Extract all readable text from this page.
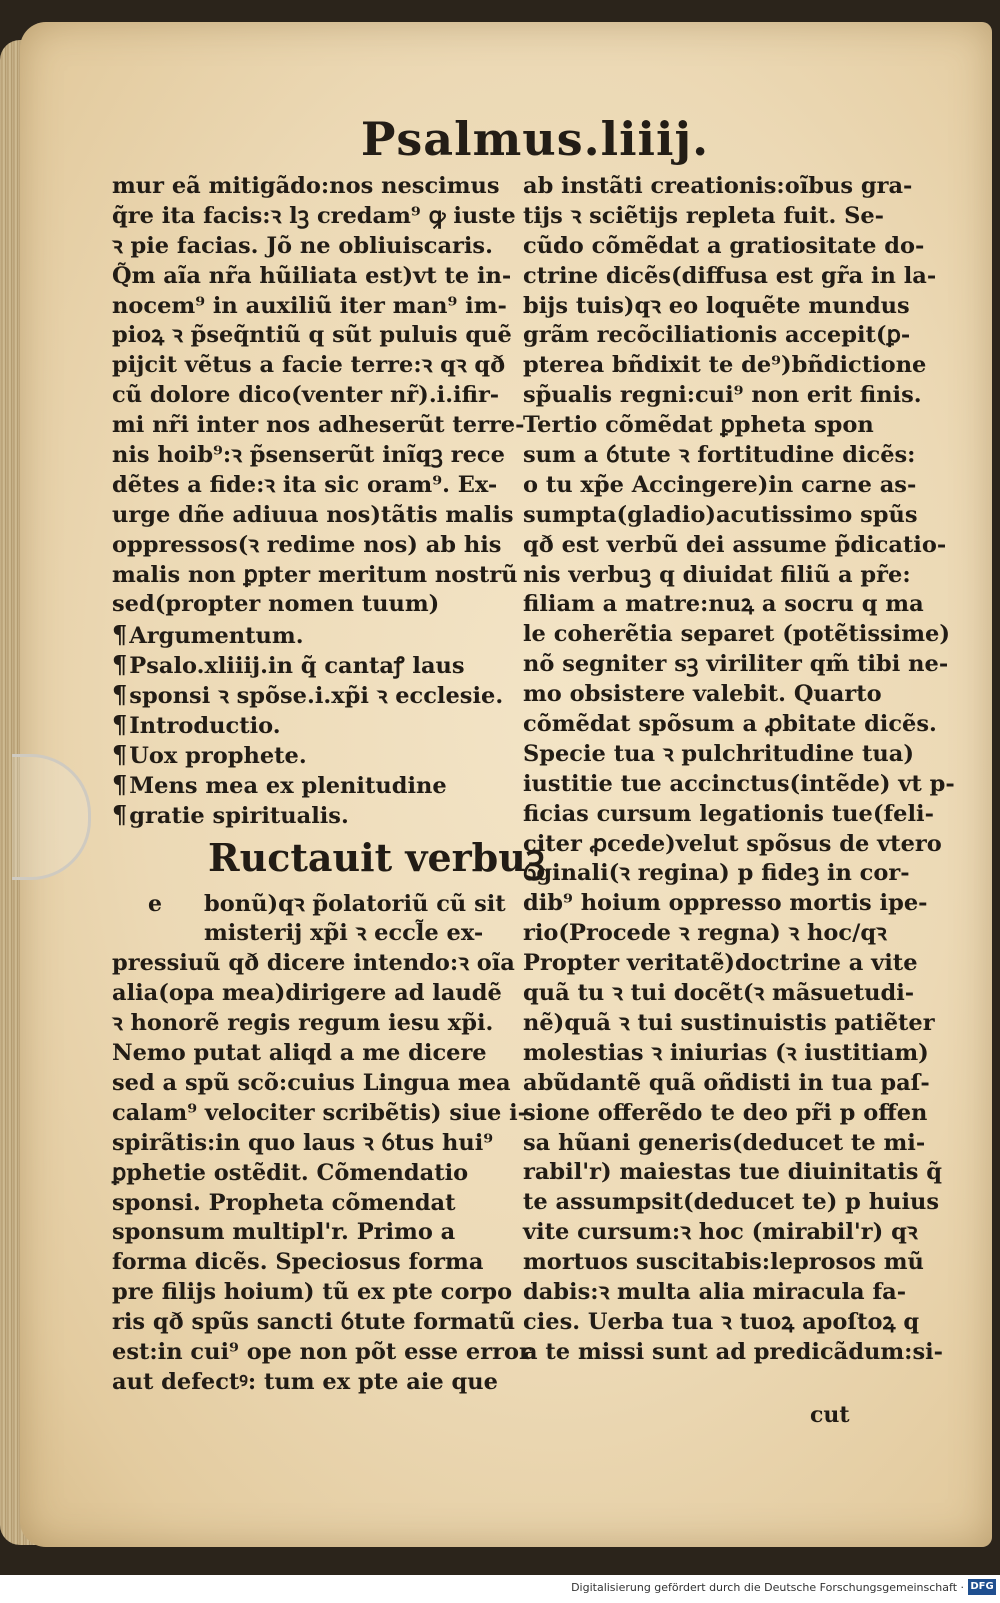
Psalmus.liiij.
mur eã mitigãdo:nos nescimus
q̃re ita facis:ꝛ lꝫ credam⁹ ꝙ iuste
ꝛ pie facias. Jõ ne obliuiscaris.
Q̃m aĩa nr̃a hũiliata est)vt te in-
nocem⁹ in auxiliũ iter man⁹ im-
pioꝝ ꝛ p̃seq̃ntiũ q sũt puluis quẽ
pijcit vẽtus a facie terre:ꝛ qꝛ qð
cũ dolore dico(venter nr̃).i.ifir-
mi nr̃i inter nos adheserũt terre-
nis hoib⁹:ꝛ p̃senserũt inĩqꝫ rece
dẽtes a fide:ꝛ ita sic oram⁹. Ex-
urge dñe adiuua nos)tãtis malis
oppressos(ꝛ redime nos) ab his
malis non ꝑpter meritum nostrũ
sed(propter nomen tuum)
¶Argumentum.
¶Psalo.xliiij.in q̃ cantaꝭ laus
¶sponsi ꝛ spõse.i.xp̃i ꝛ ecclesie.
¶Introductio.
¶Uox prophete.
¶Mens mea ex plenitudine
¶gratie spiritualis.
Ructauit verbuꝫ
e	bonũ)qꝛ p̃olatoriũ cũ sit
misterij xp̃i ꝛ eccl̃e ex-
pressiuũ qð dicere intendo:ꝛ oĩa
alia(opa mea)dirigere ad laudẽ
ꝛ honorẽ regis regum iesu xp̃i.
Nemo putat aliqd a me dicere
sed a spũ scõ:cuius Lingua mea
calam⁹ velociter scribẽtis) siue i-
spirãtis:in quo laus ꝛ ỽtus hui⁹
ꝑphetie ostẽdit. Cõmendatio
sponsi. Propheta cõmendat
sponsum multipl'r. Primo a
forma dicẽs. Speciosus forma
pre filijs hoium) tũ ex pte corpo
ris qð spũs sancti ỽtute formatũ
est:in cui⁹ ope non põt esse error
aut defectꝰ: tum ex pte aie que
ab instãti creationis:oĩbus gra-
tijs ꝛ sciẽtijs repleta fuit. Se-
cũdo cõmẽdat a gratiositate do-
ctrine dicẽs(diffusa est gr̃a in la-
bijs tuis)qꝛ eo loquẽte mundus
grãm recõciliationis accepit(ꝑ-
pterea bñdixit te de⁹)bñdictione
sp̃ualis regni:cui⁹ non erit finis.
Tertio cõmẽdat ꝑpheta spon
sum a ỽtute ꝛ fortitudine dicẽs:
o tu xp̃e Accingere)in carne as-
sumpta(gladio)acutissimo spũs
qð est verbũ dei assume p̃dicatio-
nis verbuꝫ q diuidat filiũ a pr̃e:
filiam a matre:nuꝝ a socru q ma
le coherẽtia separet (potẽtissime)
nõ segniter sꝫ viriliter qm̃ tibi ne-
mo obsistere valebit. Quarto
cõmẽdat spõsum a ꝓbitate dicẽs.
Specie tua ꝛ pulchritudine tua)
iustitie tue accinctus(intẽde) vt p-
ficias cursum legationis tue(feli-
citer ꝓcede)velut spõsus de vtero
ỽginali(ꝛ regina) p fideꝫ in cor-
dib⁹ hoium oppresso mortis ipe-
rio(Procede ꝛ regna) ꝛ hoc/qꝛ
Propter veritatẽ)doctrine a vite
quã tu ꝛ tui docẽt(ꝛ mãsuetudi-
nẽ)quã ꝛ tui sustinuistis patiẽter
molestias ꝛ iniurias (ꝛ iustitiam)
abũdantẽ quã oñdisti in tua paſ-
sione offerẽdo te deo pr̃i p offen
sa hũani generis(deducet te mi-
rabil'r) maiestas tue diuinitatis q̃
te assumpsit(deducet te) p huius
vite cursum:ꝛ hoc (mirabil'r) qꝛ
mortuos suscitabis:leprosos mũ
dabis:ꝛ multa alia miracula fa-
cies. Uerba tua ꝛ tuoꝝ apoſtoꝝ q
a te missi sunt ad predicãdum:si-
cut
Digitalisierung gefördert durch die Deutsche Forschungsgemeinschaft · DFG
